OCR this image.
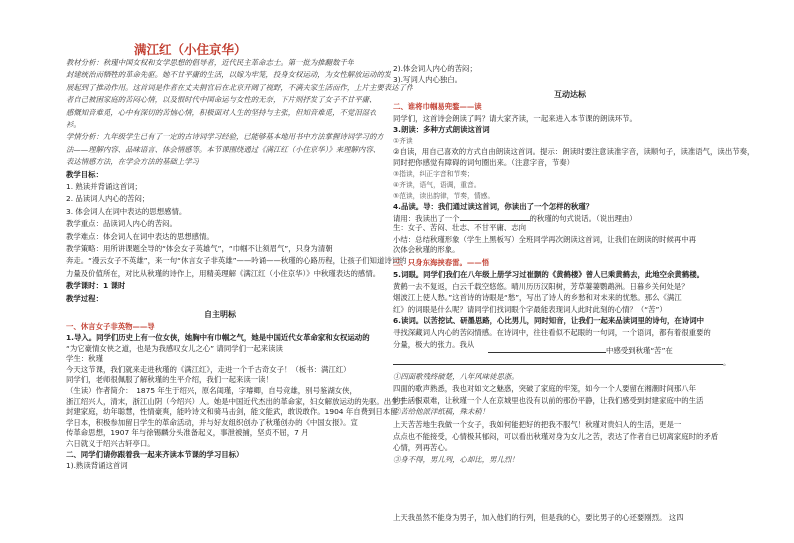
满江红（小住京华）
教材分析：秋瑾中国女权和女学思想的倡导者，近代民主革命志士。第一批为推翻数千年
封建统治而牺牲的革命先驱。她不甘平庸的生活，以嫁为牢笼，投身女权运动，为女性解放运动的发
展起到了推动作用。这首词是作者在丈夫捐官后在北京开阔了视野，不满夫家生活而作，上片主要表达了作
者自己被困家庭的苦闷心情，以及恨时代中国命运与女性的无奈，下片则抒发了女子不甘平庸、
感慨知音难觅，心中有深切的苦恼心情，积极面对人生的坚持与主张，但知音难觅，不觉泪湿衣
衫。
学情分析：九年级学生已有了一定的古诗词学习经验，已能够基本地用书中方法掌握诗词学习的方
法——理解内容、品味语言、体会情感等。本节课围绕通过《满江红（小住京华）》来理解内容、
表达情感方法，在学会方法的基础上学习
教学目标：
1. 熟读并背诵这首词；
2. 品读词人内心的苦闷；
3. 体会词人在词中表达的思想感情。
教学重点：品读词人内心的苦闷。
教学难点：体会词人在词中表达的思想感情。
教学策略：用所讲课题全导的“体会女子英雄气”，“巾帼不让须眉气”，只身为清朝
奔走。“漫云女子不英雄”，来一句“休言女子非英雄”——吟诵——秋瑾的心路历程，让孩子们知道诗词的
力量及价值所在，对比从秋瑾的诗作上，用精美理解《满江红（小住京华）》中秋瑾表达的感情。
教学课时：1 课时
教学过程：
自主明标
一、休言女子非英物——导
1.导入。同学们历史上有一位女侠，她胸中有巾帼之气，她是中国近代女革命家和女权运动的
“为它豪情女侠之道，也是为我感叹女儿之心” 请同学们一起来读读
学生：秋瑾
今天这节课，我们就来走进秋瑾的《满江红》，走进一个千古奇女子！（板书：满江红）
同学们，老师很佩服了解秋瑾的生平介绍，我们一起来读一读！
（生读）作者简介：　1875 年生于绍兴，原名闺瑾，字璿卿，自号竞雄，别号鉴湖女侠，
浙江绍兴人，清末，浙江山阴（今绍兴）人。她是中国近代杰出的革命家，妇女解放运动的先驱。出生于一个
封建家庭，幼年聪慧，性情豪爽，能吟诗文和骑马击剑，能文能武，敢说敢作。1904 年自费到日本留
学日本，积极参加留日学生的革命活动，并与好友组织创办了秋瑾创办的《中国女报》。宣
传革命思想，1907 年与徐锡麟分头准备起义，事泄被捕，坚贞不屈，7 月
六日就义于绍兴古轩亭口。
二、同学们请你跟着我一起来齐读本节课的学习目标）
1).熟读背诵这首词
2).体会词人内心的苦闷；
3).写词人内心独白。
互动达标
二、谁将巾帼易兜鍪——读
同学们，这首诗会朗读了吗？请大家齐读，一起来进入本节课的朗读环节。
3.朗读：多种方式朗读这首词
①齐读
②自读，用自己喜欢的方式自由朗读这首词。提示：朗读时要注意读准字音，读顺句子，读准语气，读出节奏，
同时把你感觉有障碍的词句圈出来。（注意字音，节奏）
③指读，纠正字音和节奏；
④齐读，语气，语调，重音。
⑤范读，读出韵律，节奏，情感。
4.品读。导：我们通过读这首词，你读出了一个怎样的秋瑾？
请用：我读出了一个	的秋瑾的句式说话。（说出理由）
生：女子、苦闷、壮志、不甘平庸、志向
小结：总结秋瑾形象（学生上黑板写）全班同学再次朗读这首词，让我们在朗读的时候再中再
次体会秋瑾的形象。
三、只身东海挟春雷。——悟
5.词眼。同学们我们在八年级上册学习过崔颢的《黄鹤楼》曾人已乘黄鹤去，此地空余黄鹤楼。
黄鹤一去不复返，白云千载空悠悠。晴川历历汉阳树，芳草萋萋鹦鹉洲。日暮乡关何处是？
烟波江上使人愁。”这首诗的诗眼是“愁”，写出了诗人的乡愁和对未来的忧愁。那么《满江
红》的词眼是什么呢？请同学们找词眼个字最能表现词人此时此刻的心情？（“苦”）
6.读词。以苦挖试、研墨思路，心比男儿，同时知音，让我们一起来品读词里的诗句，在诗词中
寻找深藏词人内心的苦闷情感。在诗词中，往往看似不起眼的一句词，一个语词，都有着很重要的
分量，极大的张力。我从
中感受到秋瑾“苦”在
。
①四面歌残终破楚，八年风味徒思浙。
四面的歌声熟悉，我也对如文之魅惑，突破了家庭的牢笼，如今一个人要留在湘潮时间那八年
的生活很艰难，让秋瑾一个人在京城里也没有以前的那份平静，让我们感受到封建家庭中的生活
②苦给他派洋纸稿，殊未稍！
上天苦苦地生我做一个女子，我如何能把好的把我不服气！秋瑾对贵妇人的生活，更是一
点点也不能接受，心情极其郁闷，可以看出秋瑾对身为女儿之苦，表达了作者自已切离家庭时的矛盾
心情，列再苦心。
③身不得，男儿列，心却比，男儿烈！
上天我虽然不能身为男子，加入他们的行列，但是我的心，要比男子的心还要刚烈。 这四
